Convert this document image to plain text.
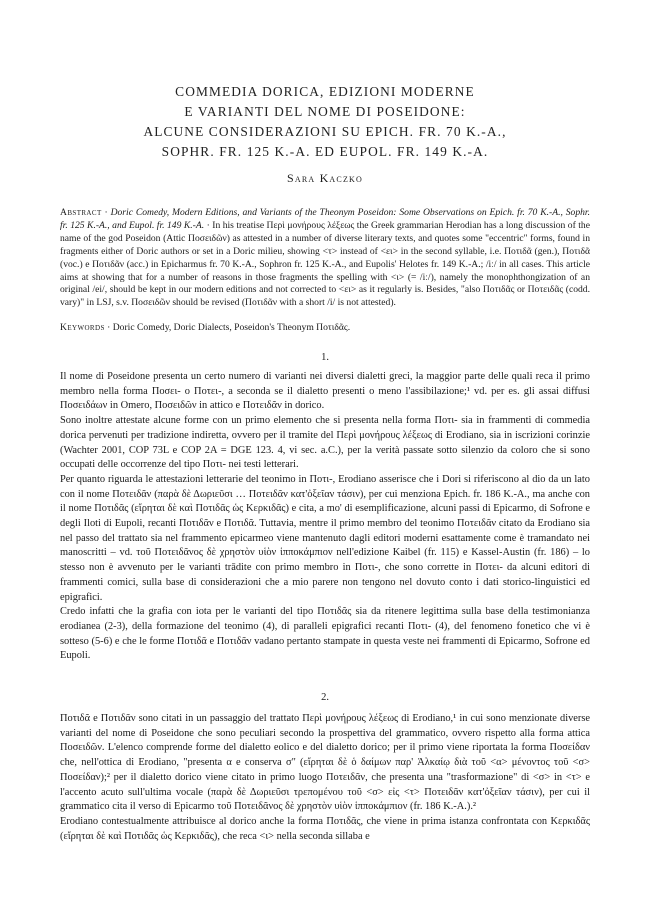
COMMEDIA DORICA, EDIZIONI MODERNE
E VARIANTI DEL NOME DI POSEIDONE:
ALCUNE CONSIDERAZIONI SU EPICH. FR. 70 K.-A.,
SOPHR. FR. 125 K.-A. ED EUPOL. FR. 149 K.-A.
Sara Kaczko
Abstract · Doric Comedy, Modern Editions, and Variants of the Theonym Poseidon: Some Observations on Epich. fr. 70 K.-A., Sophr. fr. 125 K.-A., and Eupol. fr. 149 K.-A. · In his treatise Περὶ μονήρους λέξεως the Greek grammarian Herodian has a long discussion of the name of the god Poseidon (Attic Ποσειδῶν) as attested in a number of diverse literary texts, and quotes some "eccentric" forms, found in fragments either of Doric authors or set in a Doric milieu, showing <τ> instead of <ει> in the second syllable, i.e. Ποτιδᾶ (gen.), Ποτιδᾶ (voc.) e Ποτιδᾶν (acc.) in Epicharmus fr. 70 K.-A., Sophron fr. 125 K.-A., and Eupolis' Helotes fr. 149 K.-A.; /iː/ in all cases. This article aims at showing that for a number of reasons in those fragments the spelling with <ι> (= /iː/), namely the monophthongization of an original /ei/, should be kept in our modern editions and not corrected to <ει> as it regularly is. Besides, "also Ποτιδᾶς or Ποτειδᾶς (codd. vary)" in LSJ, s.v. Ποσειδῶν should be revised (Ποτιδᾶν with a short /i/ is not attested).
Keywords · Doric Comedy, Doric Dialects, Poseidon's Theonym Ποτιδᾶς.
1.

Il nome di Poseidone presenta un certo numero di varianti nei diversi dialetti greci, la maggior parte delle quali reca il primo membro nella forma Ποσει- o Ποτει-, a seconda se il dialetto presenti o meno l'assibilazione;¹ vd. per es. gli assai diffusi Ποσειδάων in Omero, Ποσειδῶν in attico e Ποτειδᾶν in dorico.

Sono inoltre attestate alcune forme con un primo elemento che si presenta nella forma Ποτι- sia in frammenti di commedia dorica pervenuti per tradizione indiretta, ovvero per il tramite del Περὶ μονήρους λέξεως di Erodiano, sia in iscrizioni corinzie (Wachter 2001, COP 73L e COP 2A = DGE 123. 4, vi sec. a.C.), per la verità passate sotto silenzio da coloro che si sono occupati delle occorrenze del tipo Ποτι- nei testi letterari.

Per quanto riguarda le attestazioni letterarie del teonimo in Ποτι-, Erodiano asserisce che i Dori si riferiscono al dio da un lato con il nome Ποτειδᾶν (παρὰ δὲ Δωριεῦσι … Ποτειδᾶν κατ'ὀξεῖαν τάσιν), per cui menziona Epich. fr. 186 K.-A., ma anche con il nome Ποτιδᾶς (εἴρηται δὲ καὶ Ποτιδᾶς ὡς Κερκιδᾶς) e cita, a mo' di esemplificazione, alcuni passi di Epicarmo, di Sofrone e degli Iloti di Eupoli, recanti Ποτιδᾶν e Ποτιδᾶ. Tuttavia, mentre il primo membro del teonimo Ποτειδᾶν citato da Erodiano sia nel passo del trattato sia nel frammento epicarmeo viene mantenuto dagli editori moderni esattamente come è tramandato nei manoscritti – vd. τοῦ Ποτειδᾶνος δὲ χρηστὸν υἱὸν ἱπποκάμπιον nell'edizione Kaibel (fr. 115) e Kassel-Austin (fr. 186) – lo stesso non è avvenuto per le varianti trādite con primo membro in Ποτι-, che sono corrette in Ποτει- da alcuni editori di frammenti comici, sulla base di considerazioni che a mio parere non tengono nel dovuto conto i dati storico-linguistici ed epigrafici.

Credo infatti che la grafia con iota per le varianti del tipo Ποτιδᾶς sia da ritenere legittima sulla base della testimonianza erodianea (2-3), della formazione del teonimo (4), di paralleli epigrafici recanti Ποτι- (4), del fenomeno fonetico che vi è sotteso (5-6) e che le forme Ποτιδᾶ e Ποτιδᾶν vadano pertanto stampate in questa veste nei frammenti di Epicarmo, Sofrone ed Eupoli.

2.

Ποτιδᾶ e Ποτιδᾶν sono citati in un passaggio del trattato Περὶ μονήρους λέξεως di Erodiano,¹ in cui sono menzionate diverse varianti del nome di Poseidone che sono peculiari secondo la prospettiva del grammatico, ovvero rispetto alla forma attica Ποσειδῶν. L'elenco comprende forme del dialetto eolico e del dialetto dorico; per il primo viene riportata la forma Ποσείδαν che, nell'ottica di Erodiano, "presenta α e conserva σ" (εἴρηται δὲ ὁ δαίμων παρ' Ἀλκαίῳ διὰ τοῦ <α> μένοντος τοῦ <σ> Ποσείδαν);² per il dialetto dorico viene citato in primo luogo Ποτειδᾶν, che presenta una "trasformazione" di <σ> in <τ> e l'accento acuto sull'ultima vocale (παρὰ δὲ Δωριεῦσι τρεπομένου τοῦ <σ> εἰς <τ> Ποτειδᾶν κατ'ὀξεῖαν τάσιν), per cui il grammatico cita il verso di Epicarmo τοῦ Ποτειδᾶνος δὲ χρηστὸν υἱὸν ἱπποκάμπιον (fr. 186 K.-A.).²

Erodiano contestualmente attribuisce al dorico anche la forma Ποτιδᾶς, che viene in prima istanza confrontata con Κερκιδᾶς (εἴρηται δὲ καὶ Ποτιδᾶς ὡς Κερκιδᾶς), che reca <ι> nella seconda sillaba e
